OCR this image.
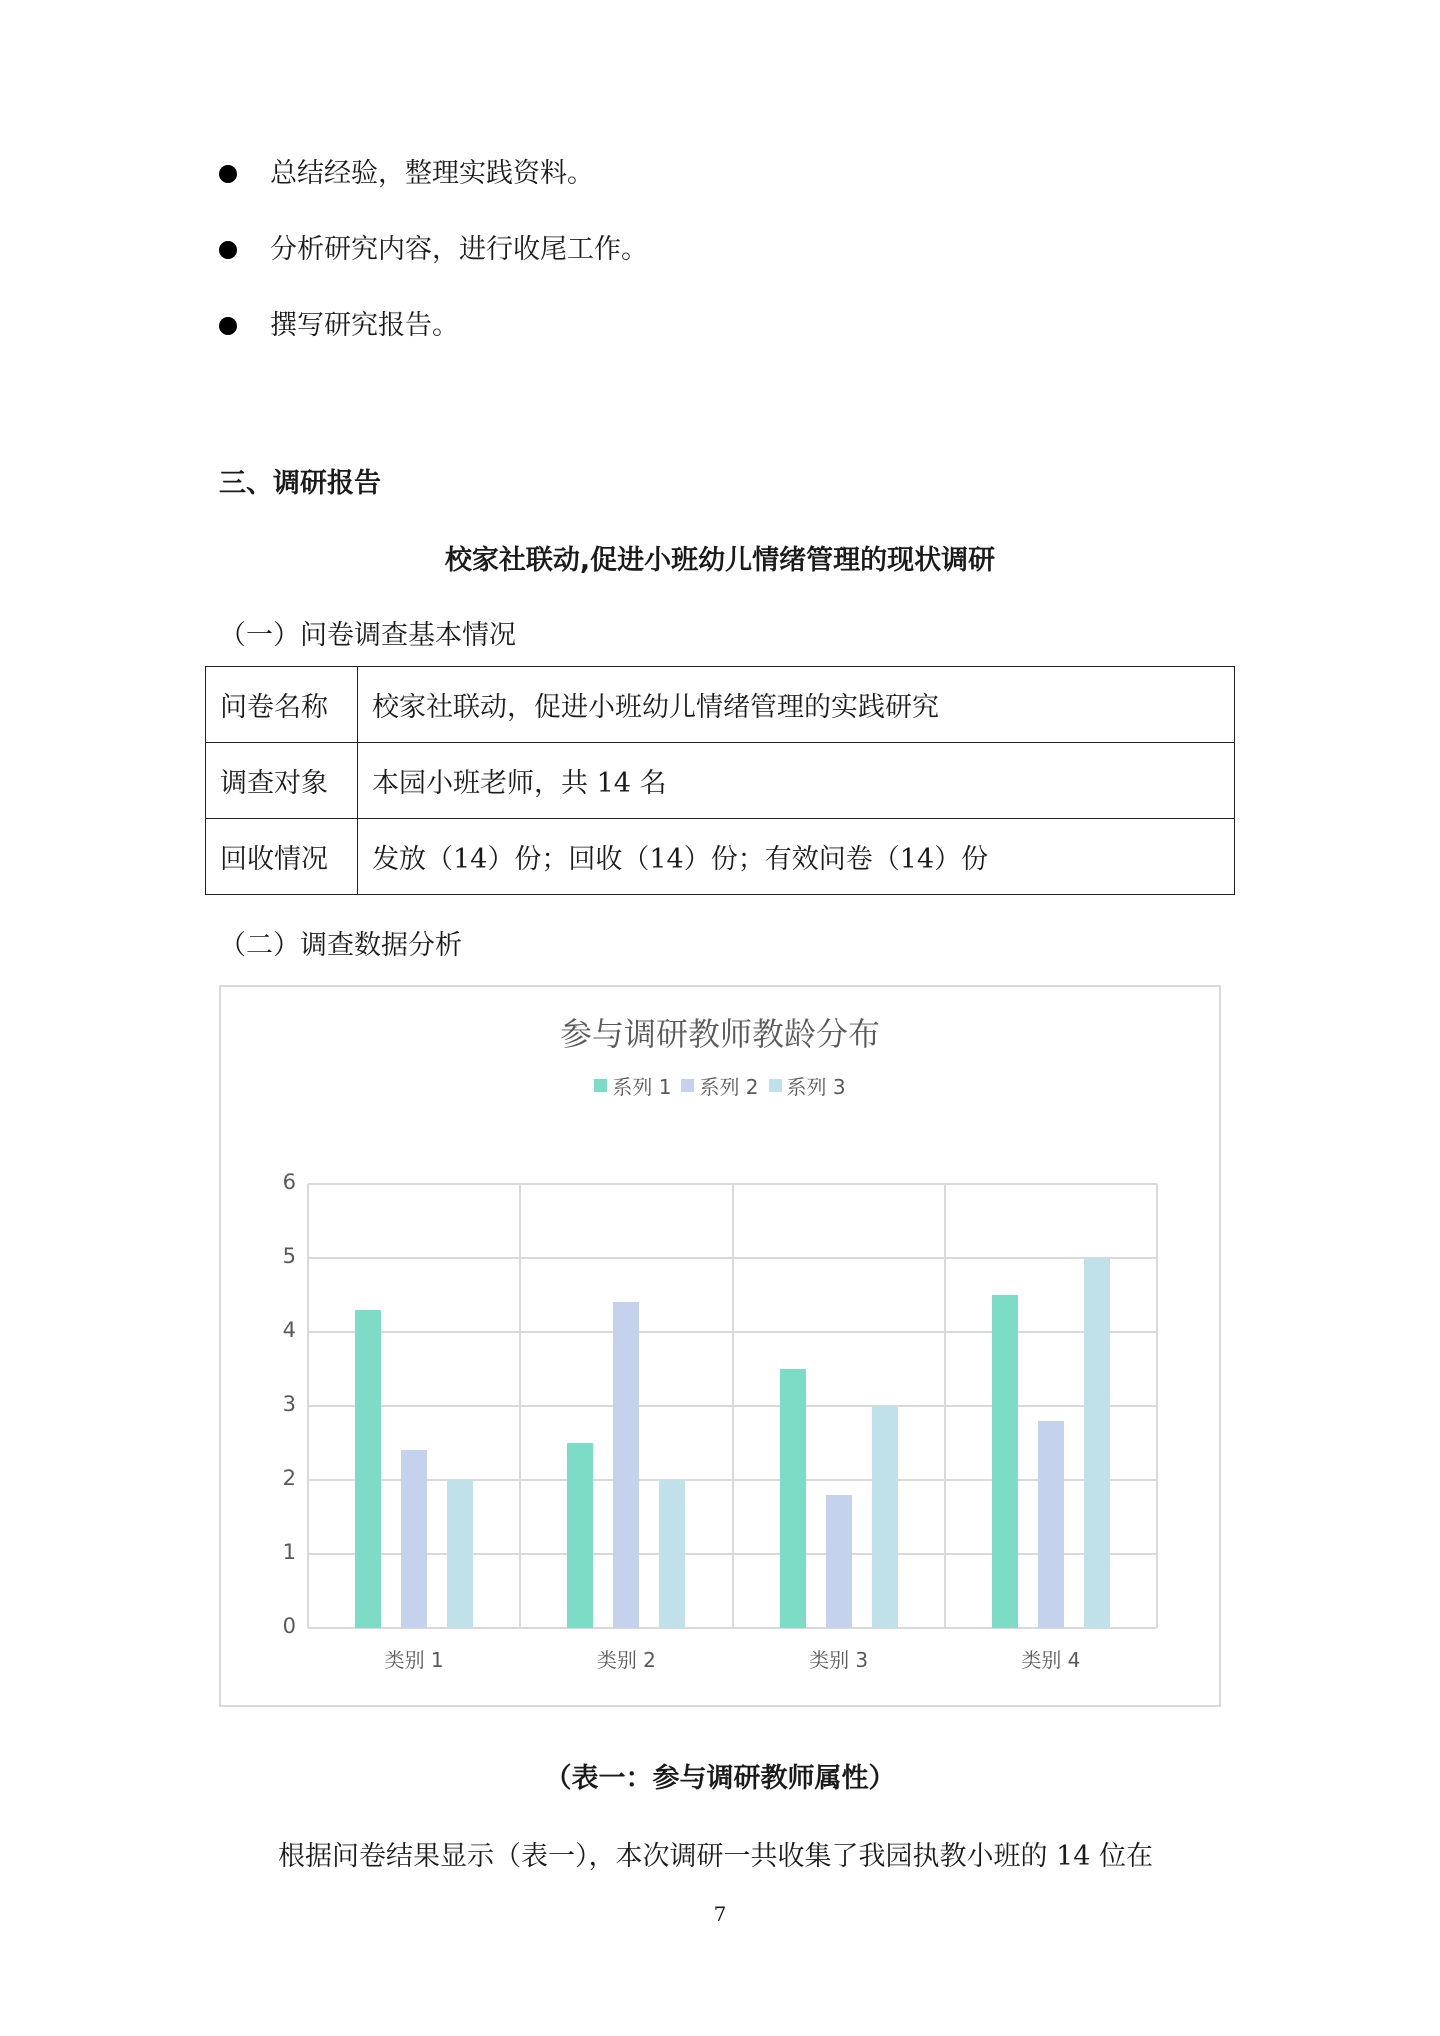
总结经验，整理实践资料。
分析研究内容，进行收尾工作。
撰写研究报告。
三、调研报告
校家社联动,促进小班幼儿情绪管理的现状调研
（一）问卷调查基本情况
问卷名称	校家社联动，促进小班幼儿情绪管理的实践研究
调查对象	本园小班老师，共 14 名
回收情况	发放（14）份；回收（14）份；有效问卷（14）份
（二）调查数据分析
参与调研教师教龄分布
系列 1 系列 2 系列 3
0
1
2
3
4
5
6
类别 1	类别 2	类别 3	类别 4
（表一：参与调研教师属性）
根据问卷结果显示（表一），本次调研一共收集了我园执教小班的 14 位在
7
